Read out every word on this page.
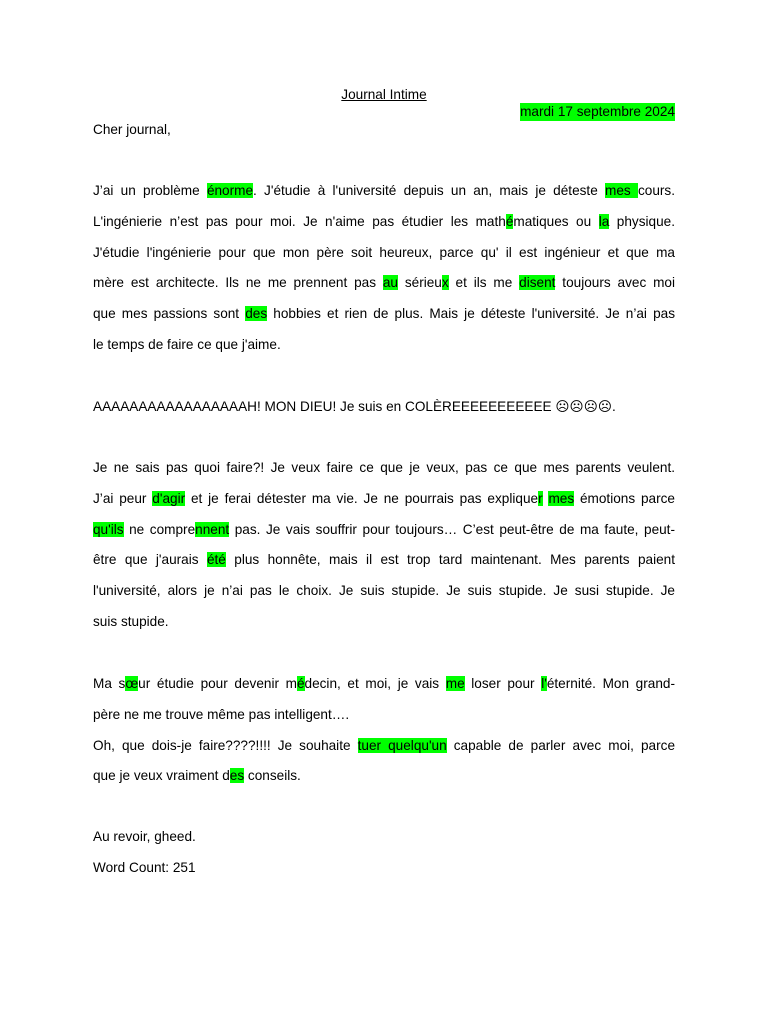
Journal Intime
mardi 17 septembre 2024
Cher journal,
J’ai un problème énorme. J'étudie à l'université depuis un an, mais je déteste mes cours.
L'ingénierie n’est pas pour moi. Je n'aime pas étudier les mathématiques ou la physique.
J'étudie l'ingénierie pour que mon père soit heureux, parce qu' il est ingénieur et que ma
mère est architecte. Ils ne me prennent pas au sérieux et ils me disent toujours avec moi
que mes passions sont des hobbies et rien de plus. Mais je déteste l'université. Je n’ai pas
le temps de faire ce que j'aime.
AAAAAAAAAAAAAAAAAH! MON DIEU! Je suis en COLÈREEEEEEEEEEE ☹☹☹☹.
Je ne sais pas quoi faire?! Je veux faire ce que je veux, pas ce que mes parents veulent.
J’ai peur d'agir et je ferai détester ma vie. Je ne pourrais pas expliquer mes émotions parce
qu'ils ne comprennent pas. Je vais souffrir pour toujours… C’est peut-être de ma faute, peut-
être que j'aurais été plus honnête, mais il est trop tard maintenant. Mes parents paient
l'université, alors je n’ai pas le choix. Je suis stupide. Je suis stupide. Je susi stupide. Je
suis stupide.
Ma sœur étudie pour devenir médecin, et moi, je vais me loser pour l'éternité. Mon grand-
père ne me trouve même pas intelligent….
Oh, que dois-je faire????!!!! Je souhaite tuer quelqu'un capable de parler avec moi, parce
que je veux vraiment des conseils.
Au revoir, gheed.
Word Count: 251
